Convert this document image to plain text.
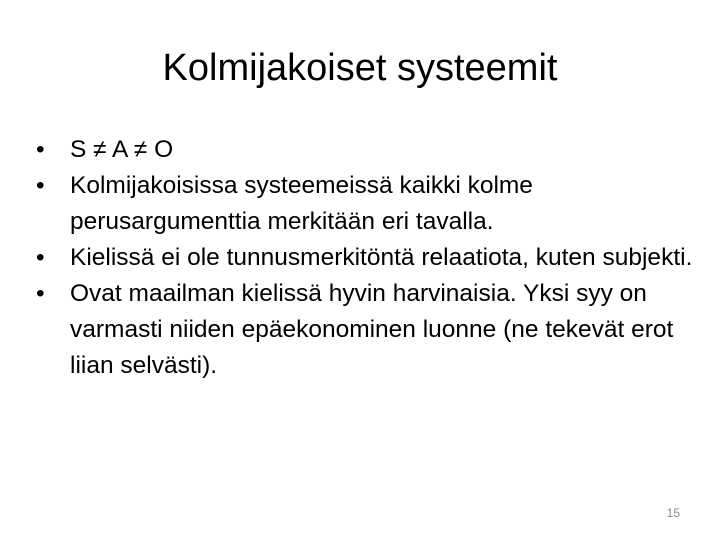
Kolmijakoiset systeemit
•	S ≠ A ≠ O
•	Kolmijakoisissa systeemeissä kaikki kolme perusargumenttia merkitään eri tavalla.
•	Kielissä ei ole tunnusmerkitöntä relaatiota, kuten subjekti.
•	Ovat maailman kielissä hyvin harvinaisia. Yksi syy on varmasti niiden epäekonominen luonne (ne tekevät erot liian selvästi).
15
